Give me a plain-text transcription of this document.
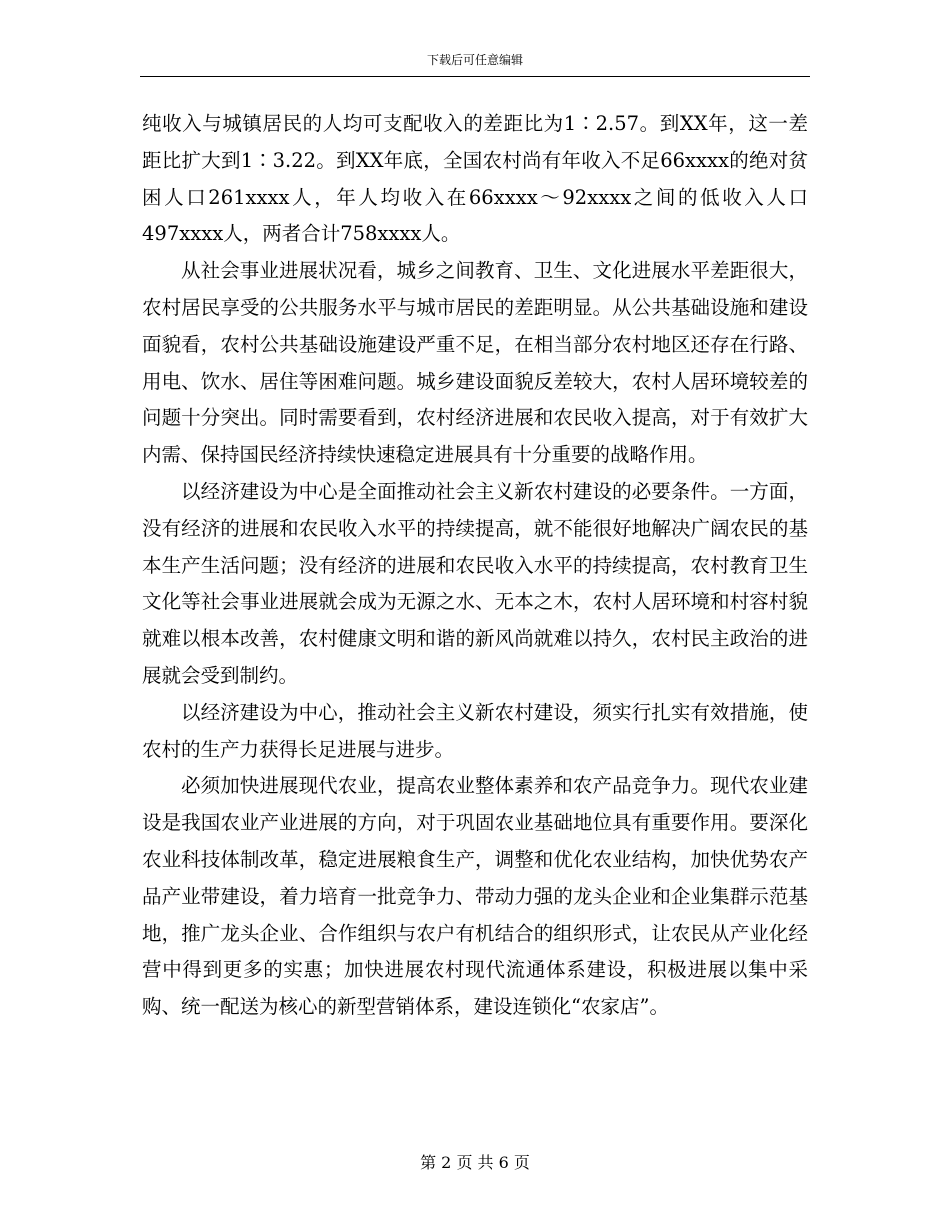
下载后可任意编辑

纯收入与城镇居民的人均可支配收入的差距比为1∶2.57。到XX年，这一差距比扩大到1∶3.22。到XX年底，全国农村尚有年收入不足66xxxx的绝对贫困人口261xxxx人，年人均收入在66xxxx～92xxxx之间的低收入人口497xxxx人，两者合计758xxxx人。

从社会事业进展状况看，城乡之间教育、卫生、文化进展水平差距很大，农村居民享受的公共服务水平与城市居民的差距明显。从公共基础设施和建设面貌看，农村公共基础设施建设严重不足，在相当部分农村地区还存在行路、用电、饮水、居住等困难问题。城乡建设面貌反差较大，农村人居环境较差的问题十分突出。同时需要看到，农村经济进展和农民收入提高，对于有效扩大内需、保持国民经济持续快速稳定进展具有十分重要的战略作用。

以经济建设为中心是全面推动社会主义新农村建设的必要条件。一方面，没有经济的进展和农民收入水平的持续提高，就不能很好地解决广阔农民的基本生产生活问题；没有经济的进展和农民收入水平的持续提高，农村教育卫生文化等社会事业进展就会成为无源之水、无本之木，农村人居环境和村容村貌就难以根本改善，农村健康文明和谐的新风尚就难以持久，农村民主政治的进展就会受到制约。

以经济建设为中心，推动社会主义新农村建设，须实行扎实有效措施，使农村的生产力获得长足进展与进步。

必须加快进展现代农业，提高农业整体素养和农产品竞争力。现代农业建设是我国农业产业进展的方向，对于巩固农业基础地位具有重要作用。要深化农业科技体制改革，稳定进展粮食生产，调整和优化农业结构，加快优势农产品产业带建设，着力培育一批竞争力、带动力强的龙头企业和企业集群示范基地，推广龙头企业、合作组织与农户有机结合的组织形式，让农民从产业化经营中得到更多的实惠；加快进展农村现代流通体系建设，积极进展以集中采购、统一配送为核心的新型营销体系，建设连锁化“农家店”。

第 2 页 共 6 页
